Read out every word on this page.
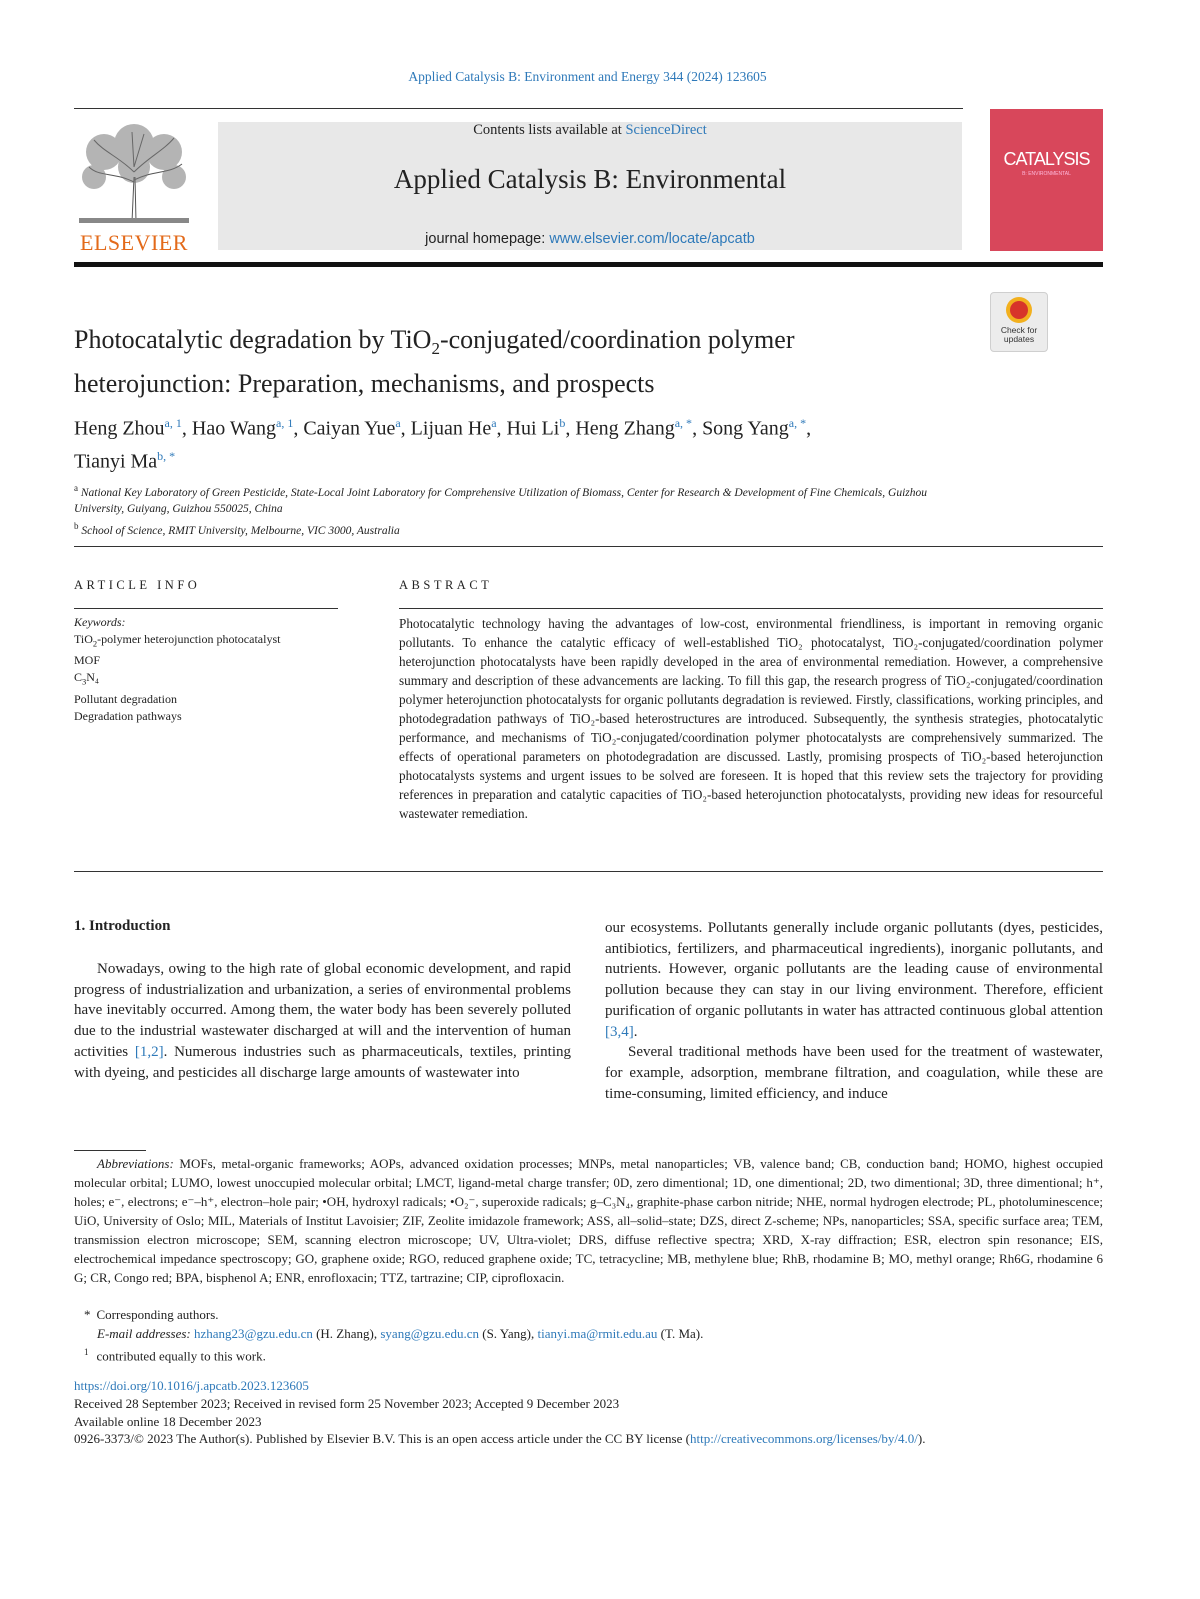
Applied Catalysis B: Environment and Energy 344 (2024) 123605
ELSEVIER
Contents lists available at ScienceDirect
Applied Catalysis B: Environmental
journal homepage: www.elsevier.com/locate/apcatb
CATALYSIS
B: ENVIRONMENTAL
Photocatalytic degradation by TiO$_2$-conjugated/coordination polymer
heterojunction: Preparation, mechanisms, and prospects
Check for updates
Heng Zhou$^{a, 1}$, Hao Wang$^{a, 1}$, Caiyan Yue$^a$, Lijuan He$^a$, Hui Li$^b$, Heng Zhang$^{a, *}$, Song Yang$^{a, *}$,
Tianyi $Ma^{b, *}$
$^a$ National Key Laboratory of Green Pesticide, State-Local Joint Laboratory for Comprehensive Utilization of Biomass, Center for Research & Development of Fine Chemicals, Guizhou University, Guiyang, Guizhou 550025, China
$^b$ School of Science, RMIT University, Melbourne, VIC 3000, Australia
ARTICLE INFO	ABSTRACT
Keywords:
TiO$_2$-polymer heterojunction photocatalyst
MOF
$C_3N_4$
Pollutant degradation
Degradation pathways
Photocatalytic technology having the advantages of low-cost, environmental friendliness, is important in removing organic pollutants. To enhance the catalytic efficacy of well-established TiO₂ photocatalyst, TiO₂-conjugated/coordination polymer heterojunction photocatalysts have been rapidly developed in the area of environmental remediation. However, a comprehensive summary and description of these advancements are lacking. To fill this gap, the research progress of TiO₂-conjugated/coordination polymer heterojunction photocatalysts for organic pollutants degradation is reviewed. Firstly, classifications, working principles, and photodegradation pathways of TiO₂-based heterostructures are introduced. Subsequently, the synthesis strategies, photocatalytic performance, and mechanisms of TiO₂-conjugated/coordination polymer photocatalysts are comprehensively summarized. The effects of operational parameters on photodegradation are discussed. Lastly, promising prospects of TiO₂-based heterojunction photocatalysts systems and urgent issues to be solved are foreseen. It is hoped that this review sets the trajectory for providing references in preparation and catalytic capacities of TiO₂-based heterojunction photocatalysts, providing new ideas for resourceful wastewater remediation.
1. Introduction

Nowadays, owing to the high rate of global economic development, and rapid progress of industrialization and urbanization, a series of environmental problems have inevitably occurred. Among them, the water body has been severely polluted due to the industrial wastewater discharged at will and the intervention of human activities [1,2]. Numerous industries such as pharmaceuticals, textiles, printing with dyeing, and pesticides all discharge large amounts of wastewater into

our ecosystems. Pollutants generally include organic pollutants (dyes, pesticides, antibiotics, fertilizers, and pharmaceutical ingredients), inorganic pollutants, and nutrients. However, organic pollutants are the leading cause of environmental pollution because they can stay in our living environment. Therefore, efficient purification of organic pollutants in water has attracted continuous global attention [3,4].

Several traditional methods have been used for the treatment of wastewater, for example, adsorption, membrane filtration, and coagulation, while these are time-consuming, limited efficiency, and induce

Abbreviations: MOFs, metal-organic frameworks; AOPs, advanced oxidation processes; MNPs, metal nanoparticles; VB, valence band; CB, conduction band; HOMO, highest occupied molecular orbital; LUMO, lowest unoccupied molecular orbital; LMCT, ligand-metal charge transfer; 0D, zero dimentional; 1D, one dimentional; 2D, two dimentional; 3D, three dimentional; h⁺, holes; e⁻, electrons; e⁻–h⁺, electron–hole pair; •OH, hydroxyl radicals; •O₂⁻, superoxide radicals; g–C₃N₄, graphite-phase carbon nitride; NHE, normal hydrogen electrode; PL, photoluminescence; UiO, University of Oslo; MIL, Materials of Institut Lavoisier; ZIF, Zeolite imidazole framework; ASS, all–solid–state; DZS, direct Z-scheme; NPs, nanoparticles; SSA, specific surface area; TEM, transmission electron microscope; SEM, scanning electron microscope; UV, Ultra-violet; DRS, diffuse reflective spectra; XRD, X-ray diffraction; ESR, electron spin resonance; EIS, electrochemical impedance spectroscopy; GO, graphene oxide; RGO, reduced graphene oxide; TC, tetracycline; MB, methylene blue; RhB, rhodamine B; MO, methyl orange; Rh6G, rhodamine 6 G; CR, Congo red; BPA, bisphenol A; ENR, enrofloxacin; TTZ, tartrazine; CIP, ciprofloxacin.
* Corresponding authors.
E-mail addresses: hzhang23@gzu.edu.cn (H. Zhang), syang@gzu.edu.cn (S. Yang), tianyi.ma@rmit.edu.au (T. Ma).
$^1$ contributed equally to this work.
https://doi.org/10.1016/j.apcatb.2023.123605
Received 28 September 2023; Received in revised form 25 November 2023; Accepted 9 December 2023
Available online 18 December 2023
0926-3373/© 2023 The Author(s). Published by Elsevier B.V. This is an open access article under the CC BY license (http://creativecommons.org/licenses/by/4.0/).
